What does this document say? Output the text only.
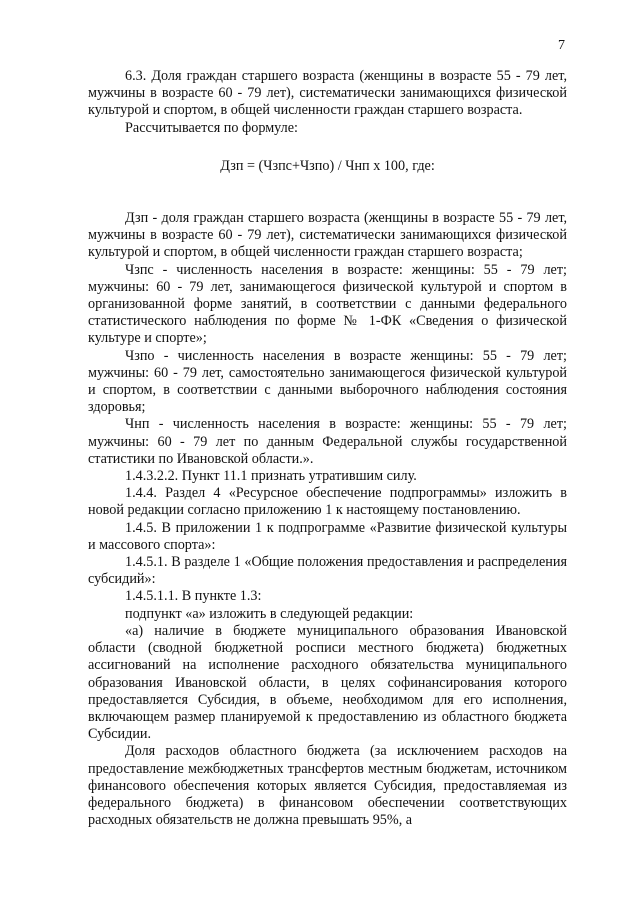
7

6.3. Доля граждан старшего возраста (женщины в возрасте 55 - 79 лет, мужчины в возрасте 60 - 79 лет), систематически занимающихся физической культурой и спортом, в общей численности граждан старшего возраста.

Рассчитывается по формуле:

Дзп = (Чзпс+Чзпо) / Чнп х 100, где:

Дзп - доля граждан старшего возраста (женщины в возрасте 55 - 79 лет, мужчины в возрасте 60 - 79 лет), систематически занимающихся физической культурой и спортом, в общей численности граждан старшего возраста;

Чзпс - численность населения в возрасте: женщины: 55 - 79 лет; мужчины: 60 - 79 лет, занимающегося физической культурой и спортом в организованной форме занятий, в соответствии с данными федерального статистического наблюдения по форме № 1-ФК «Сведения о физической культуре и спорте»;

Чзпо - численность населения в возрасте женщины: 55 - 79 лет; мужчины: 60 - 79 лет, самостоятельно занимающегося физической культурой и спортом, в соответствии с данными выборочного наблюдения состояния здоровья;

Чнп - численность населения в возрасте: женщины: 55 - 79 лет; мужчины: 60 - 79 лет по данным Федеральной службы государственной статистики по Ивановской области.».

1.4.3.2.2. Пункт 11.1 признать утратившим силу.

1.4.4. Раздел 4 «Ресурсное обеспечение подпрограммы» изложить в новой редакции согласно приложению 1 к настоящему постановлению.

1.4.5. В приложении 1 к подпрограмме «Развитие физической культуры и массового спорта»:

1.4.5.1. В разделе 1 «Общие положения предоставления и распределения субсидий»:

1.4.5.1.1. В пункте 1.3:

подпункт «а» изложить в следующей редакции:

«а) наличие в бюджете муниципального образования Ивановской области (сводной бюджетной росписи местного бюджета) бюджетных ассигнований на исполнение расходного обязательства муниципального образования Ивановской области, в целях софинансирования которого предоставляется Субсидия, в объеме, необходимом для его исполнения, включающем размер планируемой к предоставлению из областного бюджета Субсидии.

Доля расходов областного бюджета (за исключением расходов на предоставление межбюджетных трансфертов местным бюджетам, источником финансового обеспечения которых является Субсидия, предоставляемая из федерального бюджета) в финансовом обеспечении соответствующих расходных обязательств не должна превышать 95%, а
